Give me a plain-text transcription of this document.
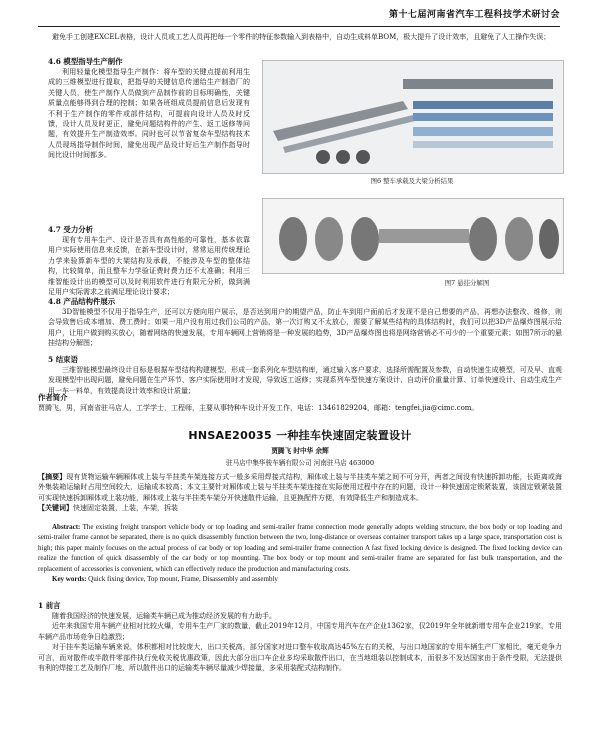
第十七届河南省汽车工程科技学术研讨会

避免手工创建EXCEL表格，设计人员或工艺人员再把每一个零件的特征参数输入到表格中，自动生成料单BOM，极大提升了设计效率，且避免了人工操作失误；

4.6 模型指导生产制作

利用轻量化模型指导生产制作：将车型的关键点提前利用生成的三维模型进行提取，把指导的关键信息传递给生产制造厂的关键人员，使生产制作人员做到产品制作前的目标明确性，关键质量点能够得到合理的控制；如果各班组成员提前信息后发现有不利于生产制作的零件或部件结构，可提前向设计人员及时反馈，设计人员及时更正，避免问题结构件的产生、返工返修等问题，有效提升生产制造效率。同时也可以节省复杂车型结构技术人员现场指导制作时间，避免出现产品设计好后生产制作指导时间比设计时间都多。

图6 整车承载及大梁分析结果

4.7 受力分析

现有专用车生产、设计是否具有高性能的可靠性，基本依靠用户实际使用信息来反馈，在新车型设计时，常常运用传统理论力学来验算新车型的大架结构及承载，不能涉及车型的整体结构，比较简单，而且整车力学验证费时费力还不太准确；利用三维智能设计出的模型可以及时利用软件进行有限元分析，做到满足用户实际需求之前满足理论设计要求；

图7 悬挂分解图

4.8 产品结构件展示

3D智能模型不仅用于指导生产，还可以方便向用户展示，是否达到用户的期望产品，防止车到用户面前后才发现不是自己想要的产品，再想办法整改、维修，则会导致售后成本增加、费工费时；如果一用户没有用过我们公司的产品，第一次订购又不太放心，需要了解某些结构的具体结构时，我们可以把3D产品爆炸图展示给用户，让用户做到购买放心，随着网络的快速发展，专用车辆网上营销将是一种发展的趋势，3D产品爆炸图也将是网络营销必不可少的一个重要元素；如图7所示的悬挂结构分解图；

5 结束语

三维智能模型最终设计目标是根据车型结构构建模型，形成一套系列化车型结构库，通过输入客户要求，选择所需配置及参数，自动快速生成模型，可及早、直观发现模型中出现问题，避免问题在生产环节、客户实际使用时才发现，导致返工返修；实现系列车型快速方案设计、自动评价重量计算、订单快速设计、自动生成生产用一车一料单，有效提高设计效率和设计质量；

作者简介

贾腾飞，男，河南省驻马店人，工学学士，工程师，主要从事特种车设计开发工作，电话：13461829204，邮箱：tengfei.jia@cimc.com。

HNSAE20035 一种挂车快速固定装置设计
贾腾飞 时中华 余辉
驻马店中集华骏车辆有限公司 河南驻马店 463000

【摘要】现有货物运输车辆厢体或上装与半挂类车架连接方式一般多采用焊接式结构，厢体或上装与半挂类车架之间不可分开，两者之间没有快速拆卸功能，长距离或海外集装箱运输时占用空间较大，运输成本较高；本文主要针对厢体或上装与半挂类车架连接在实际使用过程中存在的问题，设计一种快速固定锁紧装置，该固定锁紧装置可实现快速拆卸厢体或上装功能，厢体或上装与半挂类车架分开快速散件运输，且更换配件方便，有效降低生产和制造成本。

【关键词】快速固定装置，上装，车架，拆装

Abstract: The existing freight transport vehicle body or top loading and semi-trailer frame connection mode generally adopts welding structure, the box body or top loading and semi-trailer frame cannot be separated, there is no quick disassembly function between the two, long-distance or overseas container transport takes up a large space, transportation cost is high; this paper mainly focuses on the actual process of car body or top loading and semi-trailer frame connection A fast fixed locking device is designed. The fixed locking device can realize the function of quick disassembly of the car body or top mounting. The box body or top mount and semi-trailer frame are separated for fast bulk transportation, and the replacement of accessories is convenient, which can effectively reduce the production and manufacturing costs.

Key words: Quick fixing device, Top mount, Frame, Disassembly and assembly

1 前言

随着我国经济的快速发展，运输类车辆已成为推动经济发展的有力助手。

近年来我国专用车辆产业相对比较火爆，专用车生产厂家的数量，截止2019年12月，中国专用汽车在产企业1362家，仅2019年全年就新增专用车企业219家，专用车辆产品市场竞争日趋激烈；

对于挂车类运输车辆来说，体积都相对比较庞大，出口关税高，部分国家对进口整车收取高达45%左右的关税，与出口地国家的专用车辆生产厂家相比，毫无竞争力可言，而对散件或半散件零部件执行免收关税优惠政策，因此大部分出口车企业多均采取散件出口，在当地组装以控制成本，而很多不发达国家由于条件受限，无法提供有利的焊接工艺及制作厂地，所以散件出口的运输类车辆尽量减少焊接量，多采用装配式结构制作。
